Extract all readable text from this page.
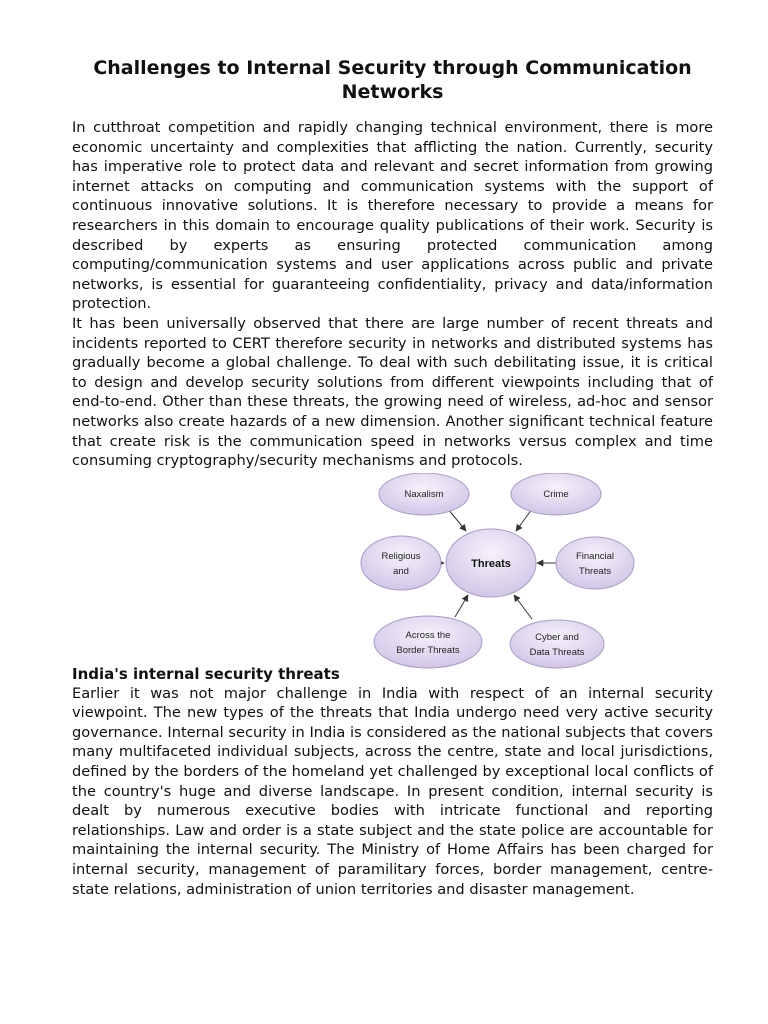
Challenges to Internal Security through Communication Networks

In cutthroat competition and rapidly changing technical environment, there is more economic uncertainty and complexities that afflicting the nation. Currently, security has imperative role to protect data and relevant and secret information from growing internet attacks on computing and communication systems with the support of continuous innovative solutions. It is therefore necessary to provide a means for researchers in this domain to encourage quality publications of their work. Security is described by experts as ensuring protected communication among computing/communication systems and user applications across public and private networks, is essential for guaranteeing confidentiality, privacy and data/information protection.

It has been universally observed that there are large number of recent threats and incidents reported to CERT therefore security in networks and distributed systems has gradually become a global challenge. To deal with such debilitating issue, it is critical to design and develop security solutions from different viewpoints including that of end-to-end. Other than these threats, the growing need of wireless, ad-hoc and sensor networks also create hazards of a new dimension. Another significant technical feature that create risk is the communication speed in networks versus complex and time consuming cryptography/security mechanisms and protocols.

Naxalism	Crime
Religious
and
Threats
Financial
Threats
Across the
Border Threats
Cyber and
Data Threats
India's internal security threats

Earlier it was not major challenge in India with respect of an internal security viewpoint. The new types of the threats that India undergo need very active security governance. Internal security in India is considered as the national subjects that covers many multifaceted individual subjects, across the centre, state and local jurisdictions, defined by the borders of the homeland yet challenged by exceptional local conflicts of the country's huge and diverse landscape. In present condition, internal security is dealt by numerous executive bodies with intricate functional and reporting relationships. Law and order is a state subject and the state police are accountable for maintaining the internal security. The Ministry of Home Affairs has been charged for internal security, management of paramilitary forces, border management, centre-state relations, administration of union territories and disaster management.
